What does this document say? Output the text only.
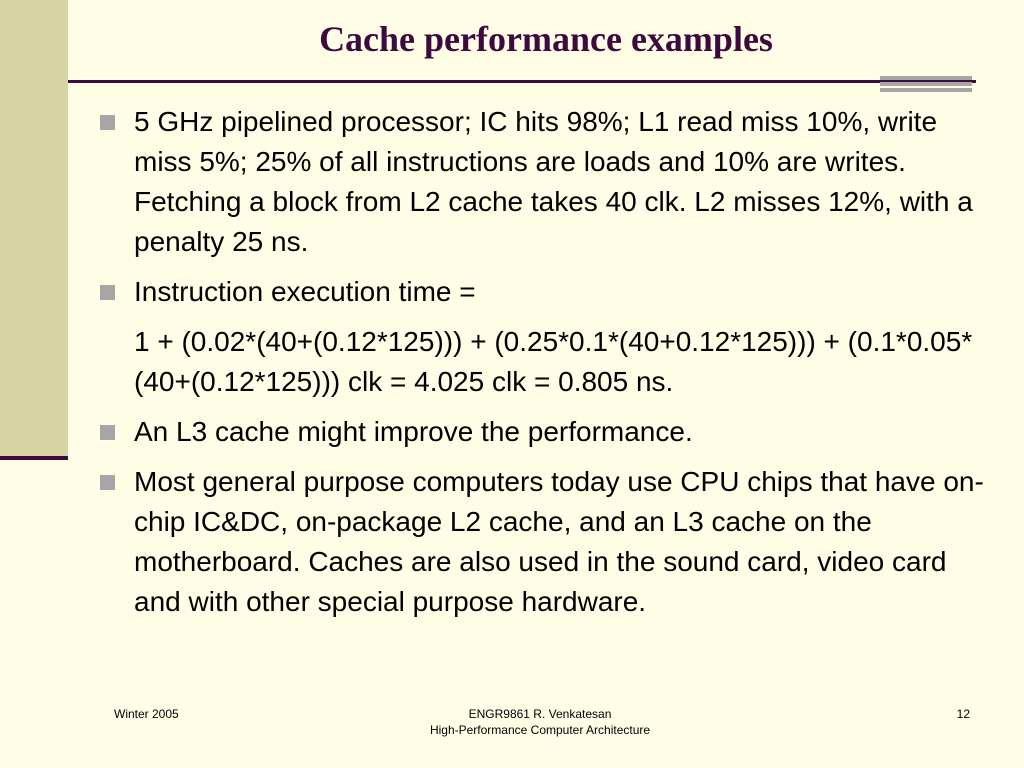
Cache performance examples
5 GHz pipelined processor; IC hits 98%; L1 read miss 10%, write miss 5%; 25% of all instructions are loads and 10% are writes. Fetching a block from L2 cache takes 40 clk. L2 misses 12%, with a penalty 25 ns.
Instruction execution time =
1 + (0.02*(40+(0.12*125))) + (0.25*0.1*(40+0.12*125))) + (0.1*0.05*(40+(0.12*125))) clk = 4.025 clk = 0.805 ns.
An L3 cache might improve the performance.
Most general purpose computers today use CPU chips that have on-chip IC&DC, on-package L2 cache, and an L3 cache on the motherboard. Caches are also used in the sound card, video card and with other special purpose hardware.
Winter 2005	ENGR9861 R. Venkatesan
High-Performance Computer Architecture
12
